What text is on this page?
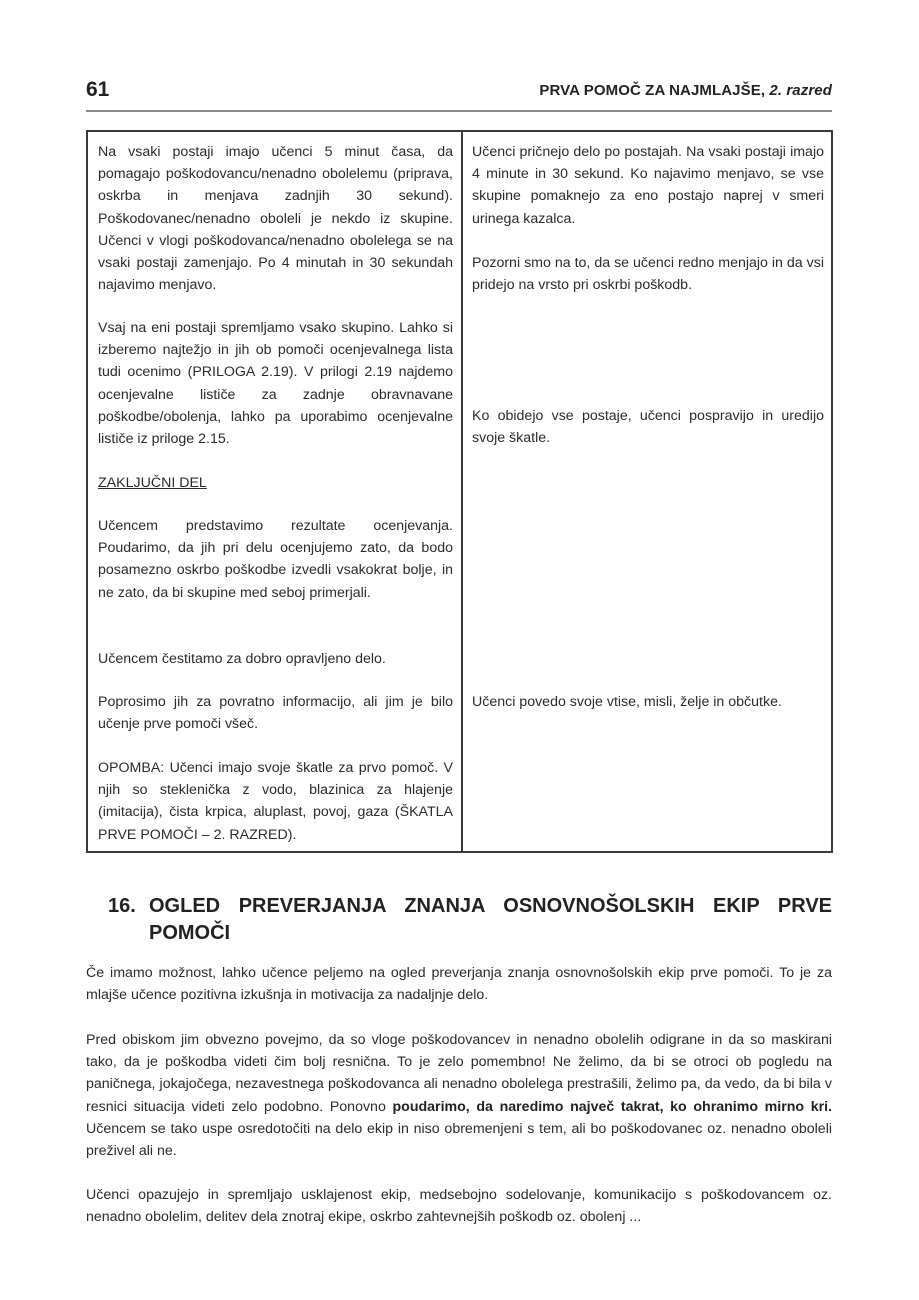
61	PRVA POMOČ ZA NAJMLAJŠE, 2. razred
Na vsaki postaji imajo učenci 5 minut časa, da pomagajo poškodovancu/nenadno obolelemu (priprava, oskrba in menjava zadnjih 30 sekund). Poškodovanec/nenadno oboleli je nekdo iz skupine. Učenci v vlogi poškodovanca/nenadno obolelega se na vsaki postaji zamenjajo. Po 4 minutah in 30 sekundah najavimo menjavo.
Vsaj na eni postaji spremljamo vsako skupino. Lahko si izberemo najtežjo in jih ob pomoči ocenjevalnega lista tudi ocenimo (PRILOGA 2.19). V prilogi 2.19 najdemo ocenjevalne lističe za zadnje obravnavane poškodbe/obolenja, lahko pa uporabimo ocenjevalne lističe iz priloge 2.15.
ZAKLJUČNI DEL
Učencem predstavimo rezultate ocenjevanja. Poudarimo, da jih pri delu ocenjujemo zato, da bodo posamezno oskrbo poškodbe izvedli vsakokrat bolje, in ne zato, da bi skupine med seboj primerjali.
Učencem čestitamo za dobro opravljeno delo.
Poprosimo jih za povratno informacijo, ali jim je bilo učenje prve pomoči všeč.
OPOMBA: Učenci imajo svoje škatle za prvo pomoč. V njih so steklenička z vodo, blazinica za hlajenje (imitacija), čista krpica, aluplast, povoj, gaza (ŠKATLA PRVE POMOČI – 2. RAZRED).
Učenci pričnejo delo po postajah. Na vsaki postaji imajo 4 minute in 30 sekund. Ko najavimo menjavo, se vse skupine pomaknejo za eno postajo naprej v smeri urinega kazalca.
Pozorni smo na to, da se učenci redno menjajo in da vsi pridejo na vrsto pri oskrbi poškodb.
Ko obidejo vse postaje, učenci pospravijo in uredijo svoje škatle.
Učenci povedo svoje vtise, misli, želje in občutke.
16. OGLED PREVERJANJA ZNANJA OSNOVNOŠOLSKIH EKIP PRVE
POMOČI
Če imamo možnost, lahko učence peljemo na ogled preverjanja znanja osnovnošolskih ekip prve pomoči. To je za mlajše učence pozitivna izkušnja in motivacija za nadaljnje delo.
Pred obiskom jim obvezno povejmo, da so vloge poškodovancev in nenadno obolelih odigrane in da so maskirani tako, da je poškodba videti čim bolj resnična. To je zelo pomembno! Ne želimo, da bi se otroci ob pogledu na paničnega, jokajočega, nezavestnega poškodovanca ali nenadno obolelega prestrašili, želimo pa, da vedo, da bi bila v resnici situacija videti zelo podobno. Ponovno poudarimo, da naredimo največ takrat, ko ohranimo mirno kri. Učencem se tako uspe osredotočiti na delo ekip in niso obremenjeni s tem, ali bo poškodovanec oz. nenadno oboleli preživel ali ne.
Učenci opazujejo in spremljajo usklajenost ekip, medsebojno sodelovanje, komunikacijo s poškodovancem oz. nenadno obolelim, delitev dela znotraj ekipe, oskrbo zahtevnejših poškodb oz. obolenj ...
